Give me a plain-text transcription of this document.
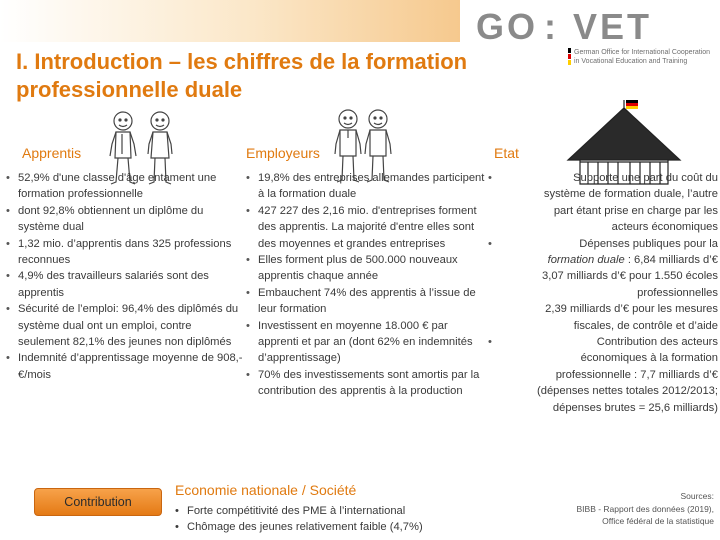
I. Introduction – les chiffres de la formation
professionnelle duale
GO : VET
German Office for International Cooperation
in Vocational Education and Training
Apprentis	Employeurs	Etat
• 52,9% d'une classe d'âge entament une formation professionnelle
• dont 92,8% obtiennent un diplôme du système dual
• 1,32 mio. d’apprentis dans 325 professions reconnues
• 4,9% des travailleurs salariés sont des apprentis
• Sécurité de l’emploi: 96,4% des diplômés du système dual ont un emploi, contre seulement 82,1% des jeunes non diplômés
• Indemnité d’apprentissage moyenne de 908,- €/mois
• 19,8% des entreprises allemandes participent à la formation duale
• 427 227 des 2,16 mio. d'entreprises forment des apprentis. La majorité d'entre elles sont des moyennes et grandes entreprises
• Elles forment plus de 500.000 nouveaux apprentis chaque année
• Embauchent 74% des apprentis à l’issue de leur formation
• Investissent en moyenne 18.000 € par apprenti et par an (dont 62% en indemnités d’apprentissage)
• 70% des investissements sont amortis par la contribution des apprentis à la production
• Supporte une part du coût du
système de formation duale, l’autre
part étant prise en charge par les
acteurs économiques
• Dépenses publiques pour la
formation duale : 6,84 milliards d’€
3,07 milliards d’€ pour 1.550 écoles
professionnelles
2,39 milliards d’€ pour les mesures
fiscales, de contrôle et d’aide
• Contribution des acteurs
économiques à la formation
professionnelle : 7,7 milliards d’€
(dépenses nettes totales 2012/2013;
dépenses brutes = 25,6 milliards)
Contribution
Economie nationale / Société
• Forte compétitivité des PME à l’international
• Chômage des jeunes relativement faible (4,7%)
Sources:
BIBB - Rapport des données (2019),
Office fédéral de la statistique
